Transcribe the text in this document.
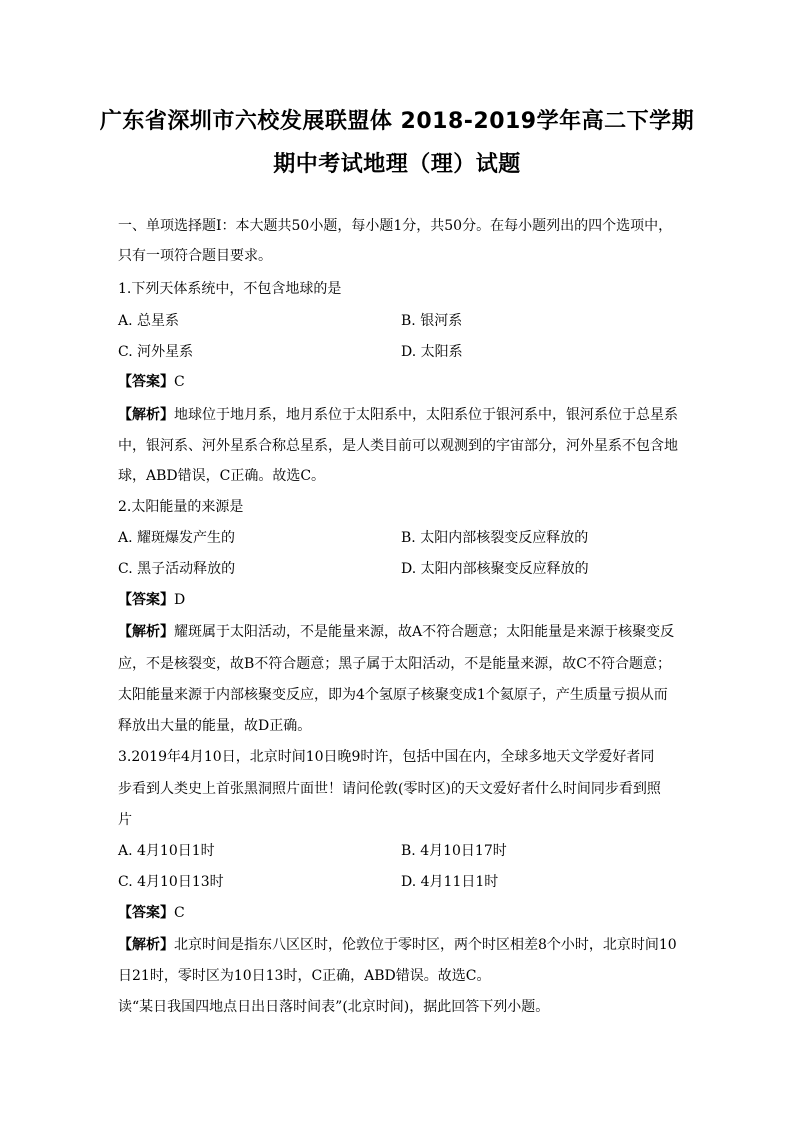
广东省深圳市六校发展联盟体 2018-2019学年高二下学期
期中考试地理（理）试题
一、单项选择题Ⅰ：本大题共50小题，每小题1分，共50分。在每小题列出的四个选项中，
只有一项符合题目要求。
1.下列天体系统中，不包含地球的是
A. 总星系	B. 银河系
C. 河外星系	D. 太阳系
【答案】C
【解析】地球位于地月系，地月系位于太阳系中，太阳系位于银河系中，银河系位于总星系
中，银河系、河外星系合称总星系，是人类目前可以观测到的宇宙部分，河外星系不包含地
球，ABD错误，C正确。故选C。
2.太阳能量的来源是
A. 耀斑爆发产生的	B. 太阳内部核裂变反应释放的
C. 黑子活动释放的	D. 太阳内部核聚变反应释放的
【答案】D
【解析】耀斑属于太阳活动，不是能量来源，故A不符合题意；太阳能量是来源于核聚变反
应，不是核裂变，故B不符合题意；黑子属于太阳活动，不是能量来源，故C不符合题意；
太阳能量来源于内部核聚变反应，即为4个氢原子核聚变成1个氦原子，产生质量亏损从而
释放出大量的能量，故D正确。
3.2019年4月10日，北京时间10日晚9时许，包括中国在内，全球多地天文学爱好者同
步看到人类史上首张黑洞照片面世！请问伦敦(零时区)的天文爱好者什么时间同步看到照
片
A. 4月10日1时	B. 4月10日17时
C. 4月10日13时	D. 4月11日1时
【答案】C
【解析】北京时间是指东八区区时，伦敦位于零时区，两个时区相差8个小时，北京时间10
日21时，零时区为10日13时，C正确，ABD错误。故选C。
读“某日我国四地点日出日落时间表”(北京时间)，据此回答下列小题。
